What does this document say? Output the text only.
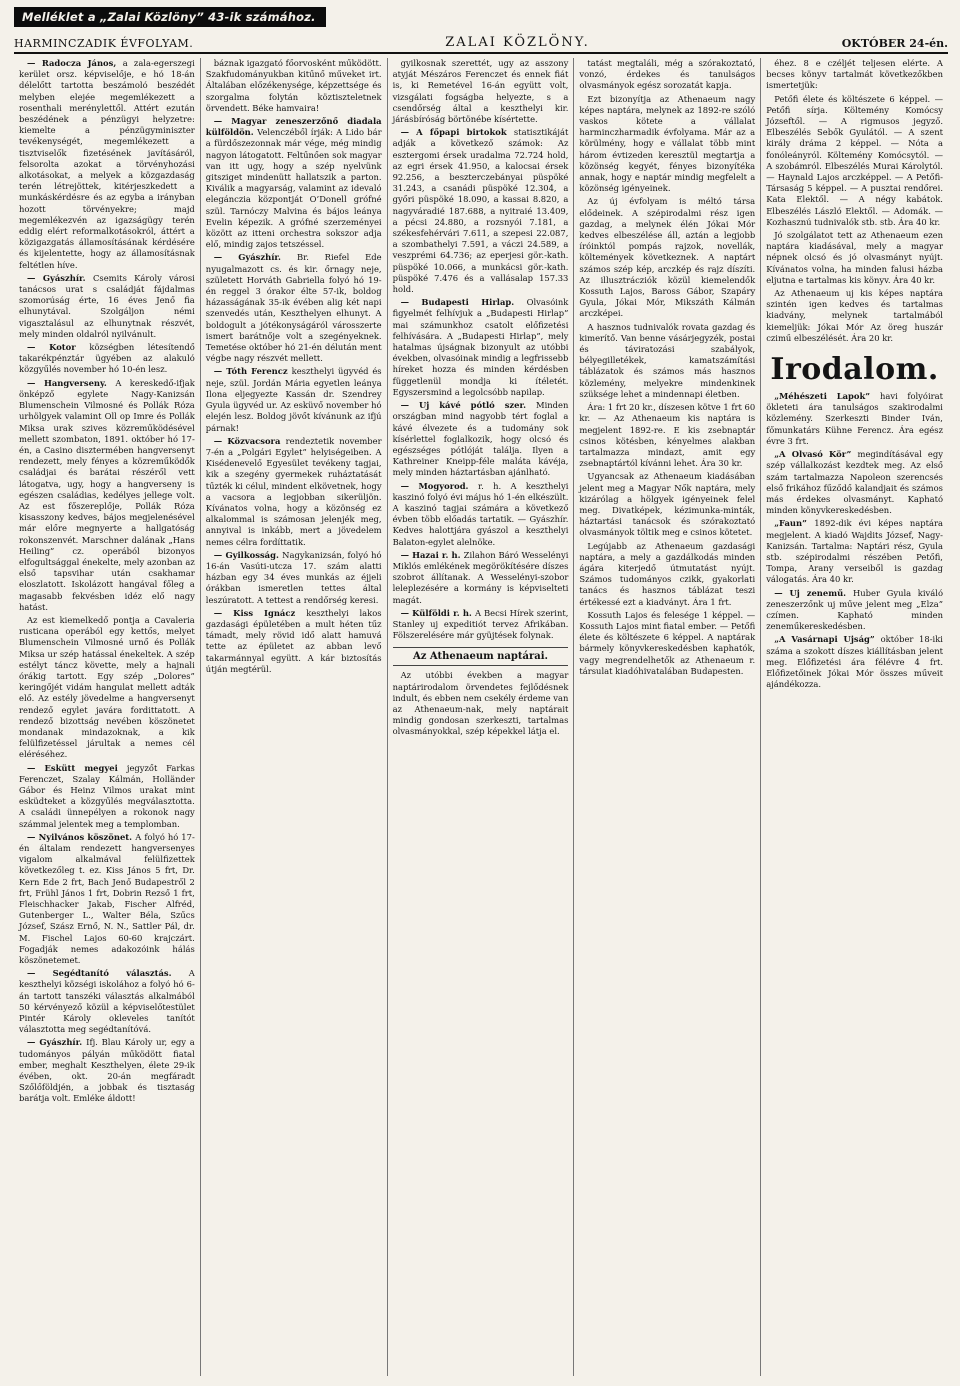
Melléklet a „Zalai Közlöny” 43-ik számához.
HARMINCZADIK ÉVFOLYAM.	ZALAI KÖZLÖNY.	OKTÓBER 24-én.

— Radocza János, a zala-egerszegi kerület orsz. képviselője, e hó 18-án délelőtt tartotta beszámoló beszédét melyben elejée megemlékezett a rosenthali merénylettől. Attért ezután beszédének a pénzügyi helyzetre: kiemelte a pénzügyminiszter tevékenységét, megemlékezett a tisztviselők fizetésének javításáról, felsorolta azokat a törvényhozási alkotásokat, a melyek a közgazdaság terén létrejöttek, kitérjeszkedett a munkáskérdésre és az egyba a irányban hozott törvényekre; majd megemlékezvén az igazságügy terén eddig elért reformalkotásokról, áttért a közigazgatás államosításának kérdésére és kijelentette, hogy az államosításnak feltétlen híve.

— Gyászhír. Csemits Károly városi tanácsos urat s családját fájdalmas szomorúság érte, 16 éves Jenő fia elhunytával. Szolgáljon némi vigasztalásul az elhunytnak részvét, mely minden oldalról nyilvánult.

— Kotor községben létesítendő takarékpénztár ügyében az alakuló közgyűlés november hó 10-én lesz.

— Hangverseny. A kereskedő-ifjak önképző egylete Nagy-Kanizsán Blumenschein Vilmosné és Pollák Róza urhölgyek valamint Oll op Imre és Pollák Miksa urak szives közreműködésével mellett szombaton, 1891. október hó 17-én, a Casino disztermében hangversenyt rendezett, mely fényes a közreműködők családjai és barátai részéről vett látogatva, ugy, hogy a hangverseny is egészen családias, kedélyes jellege volt. Az est főszereplője, Pollák Róza kisasszony kedves, bájos megjelenésével már előre megnyerte a hallgatóság rokonszenvét. Marschner dalának „Hans Heiling” cz. operából bizonyos elfogultsággal énekelte, mely azonban az első tapsvihar után csakhamar eloszlatott. Iskolázott hangával főleg a magasabb fekvésben idéz elő nagy hatást.

Az est kiemelkedő pontja a Cavaleria rusticana operából egy kettős, melyet Blumenschein Vilmosné urnő és Pollák Miksa ur szép hatással énekeltek. A szép estélyt táncz követte, mely a hajnali órákig tartott. Egy szép „Dolores” keringőjét vidám hangulat mellett adták elő. Az estély jövedelme a hangversenyt rendező egylet javára fordittatott. A rendező bizottság nevében köszönetet mondanak mindazoknak, a kik felülfizetéssel járultak a nemes cél eléréséhez.

— Eskütt megyei jegyzőt Farkas Ferenczet, Szalay Kálmán, Holländer Gábor és Heinz Vilmos urakat mint esküdteket a közgyűlés megválasztotta. A családi ünnepélyen a rokonok nagy számmal jelentek meg a templomban.

— Nyilvános köszönet. A folyó hó 17-én általam rendezett hangversenyes vigalom alkalmával felülfizettek következőleg t. ez. Kiss János 5 frt, Dr. Kern Ede 2 frt, Bach Jenő Budapestről 2 frt, Frühl János 1 frt, Dobrin Rezső 1 frt, Fleischhacker Jakab, Fischer Alfréd, Gutenberger L., Walter Béla, Szűcs József, Szász Ernő, N. N., Sattler Pál, dr. M. Fischel Lajos 60-60 krajczárt. Fogadják nemes adakozóink hálás köszönetemet.

— Segédtanító választás. A keszthelyi községi iskolához a folyó hó 6-án tartott tanszéki választás alkalmából 50 kérvényező közül a képviselőtestület Pintér Károly okleveles tanítót választotta meg segédtanítóvá.

— Gyászhír. Ifj. Blau Károly ur, egy a tudományos pályán működött fiatal ember, meghalt Keszthelyen, élete 29-ik évében, okt. 20-án megfáradt Szőlőföldjén, a jobbak és tisztaság barátja volt. Emléke áldott!

báznak igazgató főorvosként működött. Szakfudományukban kitűnő műveket irt. Általában előzékenysége, képzettsége és szorgalma folytán köztiszteletnek örvendett. Béke hamvaira!

— Magyar zeneszerzőnő diadala külföldön. Velenczéből írják: A Lido bár a fürdőszezonnak már vége, még mindig nagyon látogatott. Feltűnően sok magyar van itt ugy, hogy a szép nyelvünk gitsziget mindenütt hallatszik a parton. Kiválik a magyarság, valamint az idevaló elegánczia központját O’Donell grófné szül. Tarnóczy Malvina és bájos leánya Evelin képezik. A grófné szerzeményei között az itteni orchestra sokszor adja elő, mindig zajos tetszéssel.

— Gyászhír. Br. Riefel Ede nyugalmazott cs. és kir. őrnagy neje, született Horváth Gabriella folyó hó 19-én reggel 3 órakor élte 57-ik, boldog házasságának 35-ik évében alig két napi szenvedés után, Keszthelyen elhunyt. A boldogult a jótékonyságáról városszerte ismert barátnője volt a szegényeknek. Temetése október hó 21-én délután ment végbe nagy részvét mellett.

— Tóth Ferencz keszthelyi ügyvéd és neje, szül. Jordán Mária egyetlen leánya Ilona eljegyezte Kassán dr. Szendrey Gyula ügyvéd ur. Az esküvő november hó elején lesz. Boldog jövőt kívánunk az ifjú párnak!

— Közvacsora rendeztetik november 7-én a „Polgári Egylet” helyiségeiben. A Kisédenevelő Egyesület tevékeny tagjai, kik a szegény gyermekek ruháztatását tűzték ki célul, mindent elkövetnek, hogy a vacsora a legjobban sikerüljön. Kívánatos volna, hogy a közönség ez alkalommal is számosan jelenjék meg, annyival is inkább, mert a jövedelem nemes célra fordíttatik.

— Gyilkosság. Nagykanizsán, folyó hó 16-án Vasúti-utcza 17. szám alatti házban egy 34 éves munkás az éjjeli órákban ismeretlen tettes által leszúratott. A tettest a rendőrség keresi.

— Kiss Ignácz keszthelyi lakos gazdasági épületében a mult héten tűz támadt, mely rövid idő alatt hamuvá tette az épületet az abban levő takarmánnyal együtt. A kár biztosítás útján megtérül.

gyilkosnak szerettét, ugy az asszony atyját Mészáros Ferenczet és ennek fiát is, ki Remetével 16-án együtt volt, vizsgálati fogságba helyezte, s a csendőrség által a keszthelyi kir. járásbíróság börtönébe kísértette.

— A főpapi birtokok statisztikáját adják a következő számok: Az esztergomi érsek uradalma 72.724 hold, az egri érsek 41.950, a kalocsai érsek 92.256, a beszterczebányai püspöké 31.243, a csanádi püspöké 12.304, a győri püspöké 18.090, a kassai 8.820, a nagyváradié 187.688, a nyitraié 13.409, a pécsi 24.880, a rozsnyói 7.181, a székesfehérvári 7.611, a szepesi 22.087, a szombathelyi 7.591, a váczi 24.589, a veszprémi 64.736; az eperjesi gör.-kath. püspöké 10.066, a munkácsi gör.-kath. püspöké 7.476 és a vallásalap 157.33 hold.

— Budapesti Hirlap. Olvasóink figyelmét felhívjuk a „Budapesti Hirlap” mai számunkhoz csatolt előfizetési felhívására. A „Budapesti Hirlap”, mely hatalmas újságnak bizonyult az utóbbi években, olvasóinak mindig a legfrissebb híreket hozza és minden kérdésben függetlenül mondja ki ítéletét. Egyszersmind a legolcsóbb napilap.

— Uj kávé pótló szer. Minden országban mind nagyobb tért foglal a kávé élvezete és a tudomány sok kísérlettel foglalkozik, hogy olcsó és egészséges pótlóját találja. Ilyen a Kathreiner Kneipp-féle maláta kávéja, mely minden háztartásban ajánlható.

— Mogyorod. r. h. A keszthelyi kaszinó folyó évi május hó 1-én elkészült. A kaszinó tagjai számára a következő évben több előadás tartatik. — Gyászhír. Kedves halottjára gyászol a keszthelyi Balaton-egylet alelnöke.

— Hazai r. h. Zilahon Báró Wesselényi Miklós emlékének megörökítésére díszes szobrot állítanak. A Wesselényi-szobor leleplezésére a kormány is képviselteti magát.

— Külföldi r. h. A Becsi Hírek szerint, Stanley uj expeditiót tervez Afrikában. Fölszerelésére már gyüjtések folynak.

Az Athenaeum naptárai.

Az utóbbi években a magyar naptárirodalom örvendetes fejlődésnek indult, és ebben nem csekély érdeme van az Athenaeum-nak, mely naptárait mindig gondosan szerkeszti, tartalmas olvasmányokkal, szép képekkel látja el.

tatást megtaláli, még a szórakoztató, vonzó, érdekes és tanulságos olvasmányok egész sorozatát kapja.

Ezt bizonyítja az Athenaeum nagy képes naptára, melynek az 1892-re szóló vaskos kötete a vállalat harminczharmadik évfolyama. Már az a körülmény, hogy e vállalat több mint három évtizeden keresztül megtartja a közönség kegyét, fényes bizonyítéka annak, hogy e naptár mindig megfelelt a közönség igényeinek.

Az új évfolyam is méltó társa elődeinek. A szépirodalmi rész igen gazdag, a melynek élén Jókai Mór kedves elbeszélése áll, aztán a legjobb íróinktól pompás rajzok, novellák, költemények következnek. A naptárt számos szép kép, arczkép és rajz díszíti. Az illusztrácziók közül kiemelendők Kossuth Lajos, Baross Gábor, Szapáry Gyula, Jókai Mór, Mikszáth Kálmán arczképei.

A hasznos tudnivalók rovata gazdag és kimerítő. Van benne vásárjegyzék, postai és táviratozási szabályok, bélyegilletékek, kamatszámítási táblázatok és számos más hasznos közlemény, melyekre mindenkinek szüksége lehet a mindennapi életben.

Ára: 1 frt 20 kr., díszesen kötve 1 frt 60 kr. — Az Athenaeum kis naptára is megjelent 1892-re. E kis zsebnaptár csinos kötésben, kényelmes alakban tartalmazza mindazt, amit egy zsebnaptártól kívánni lehet. Ára 30 kr.

Ugyancsak az Athenaeum kiadásában jelent meg a Magyar Nők naptára, mely kizárólag a hölgyek igényeinek felel meg. Divatképek, kézimunka-minták, háztartási tanácsok és szórakoztató olvasmányok töltik meg e csinos kötetet.

Legújabb az Athenaeum gazdasági naptára, a mely a gazdálkodás minden ágára kiterjedő útmutatást nyújt. Számos tudományos czikk, gyakorlati tanács és hasznos táblázat teszi értékessé ezt a kiadványt. Ára 1 frt.

Kossuth Lajos és felesége 1 képpel. — Kossuth Lajos mint fiatal ember. — Petőfi élete és költészete 6 képpel. A naptárak bármely könyvkereskedésben kaphatók, vagy megrendelhetők az Athenaeum r. társulat kiadóhivatalában Budapesten.

éhez. 8 e czéljét teljesen elérte. A becses könyv tartalmát következőkben ismertetjük:

Petőfi élete és költészete 6 képpel. — Petőfi sírja. Költemény Komócsy Józseftől. — A rigmusos jegyző. Elbeszélés Sebők Gyulától. — A szent király dráma 2 képpel. — Nóta a fonóleányról. Költemény Komócsytól. — A szobámról. Elbeszélés Murai Károlytól. — Haynald Lajos arczképpel. — A Petőfi-Társaság 5 képpel. — A pusztai rendőrei. Kata Elektől. — A négy kabátok. Elbeszélés László Elektől. — Adomák. — Kozhasznú tudnivalók stb. stb. Ára 40 kr.

Jó szolgálatot tett az Athenaeum ezen naptára kiadásával, mely a magyar népnek olcsó és jó olvasmányt nyújt. Kívánatos volna, ha minden falusi házba eljutna e tartalmas kis könyv. Ára 40 kr.

Az Athenaeum uj kis képes naptára szintén igen kedves és tartalmas kiadvány, melynek tartalmából kiemeljük: Jókai Mór Az öreg huszár czimű elbeszélését. Ára 20 kr.

Irodalom.

„Méhészeti Lapok” havi folyóirat ökleteti ára tanulságos szakirodalmi közlemény. Szerkeszti Binder Iván, főmunkatárs Kühne Ferencz. Ára egész évre 3 frt.

„A Olvasó Kör” megindításával egy szép vállalkozást kezdtek meg. Az első szám tartalmazza Napoleon szerencsés első frikához fűződő kalandjait és számos más érdekes olvasmányt. Kapható minden könyvkereskedésben.

„Faun” 1892-dik évi képes naptára megjelent. A kiadó Wajdits József, Nagy-Kanizsán. Tartalma: Naptári rész, Gyula stb. szépirodalmi részében Petőfi, Tompa, Arany verseiből is gazdag válogatás. Ára 40 kr.

— Uj zenemű. Huber Gyula kiváló zeneszerzőnk uj műve jelent meg „Elza” czímen. Kapható minden zeneműkereskedésben.

„A Vasárnapi Ujság” október 18-iki száma a szokott díszes kiállításban jelent meg. Előfizetési ára félévre 4 frt. Előfizetőinek Jókai Mór összes műveit ajándékozza.
